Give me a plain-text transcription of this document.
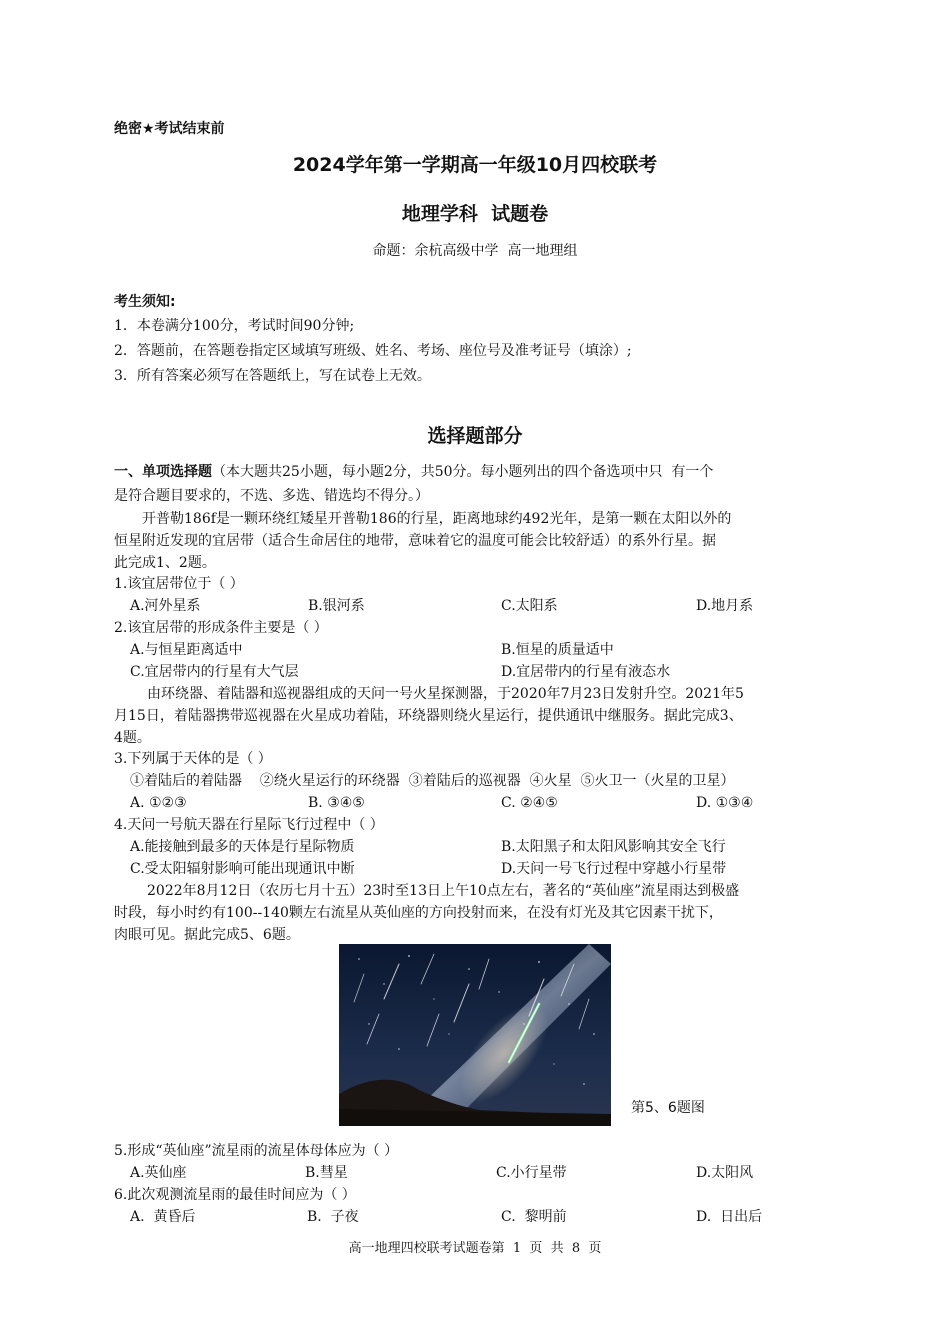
绝密★考试结束前
2024学年第一学期高一年级10月四校联考
地理学科  试题卷
命题：余杭高级中学  高一地理组
考生须知:
1．本卷满分100分，考试时间90分钟;
2．答题前，在答题卷指定区域填写班级、姓名、考场、座位号及准考证号（填涂）;
3．所有答案必须写在答题纸上，写在试卷上无效。
选择题部分
一、单项选择题（本大题共25小题，每小题2分，共50分。每小题列出的四个备选项中只  有一个
是符合题目要求的，不选、多选、错选均不得分。）
开普勒186f是一颗环绕红矮星开普勒186的行星，距离地球约492光年，是第一颗在太阳以外的
恒星附近发现的宜居带（适合生命居住的地带，意味着它的温度可能会比较舒适）的系外行星。据
此完成1、2题。
1.该宜居带位于（ ）
A.河外星系	B.银河系	C.太阳系	D.地月系
2.该宜居带的形成条件主要是（ ）
A.与恒星距离适中	B.恒星的质量适中
C.宜居带内的行星有大气层	D.宜居带内的行星有液态水
由环绕器、着陆器和巡视器组成的天问一号火星探测器，于2020年7月23日发射升空。2021年5
月15日，着陆器携带巡视器在火星成功着陆，环绕器则绕火星运行，提供通讯中继服务。据此完成3、
4题。
3.下列属于天体的是（ ）
①着陆后的着陆器    ②绕火星运行的环绕器  ③着陆后的巡视器  ④火星  ⑤火卫一（火星的卫星）
A. ①②③	B. ③④⑤	C. ②④⑤	D. ①③④
4.天问一号航天器在行星际飞行过程中（ ）
A.能接触到最多的天体是行星际物质	B.太阳黑子和太阳风影响其安全飞行
C.受太阳辐射影响可能出现通讯中断	D.天问一号飞行过程中穿越小行星带
2022年8月12日（农历七月十五）23时至13日上午10点左右，著名的“英仙座”流星雨达到极盛
时段，每小时约有100--140颗左右流星从英仙座的方向投射而来，在没有灯光及其它因素干扰下，
肉眼可见。据此完成5、6题。
第5、6题图
5.形成“英仙座”流星雨的流星体母体应为（ ）
A.英仙座	B.彗星	C.小行星带	D.太阳风
6.此次观测流星雨的最佳时间应为（ ）
A.  黄昏后	B.  子夜	C.  黎明前	D.  日出后
高一地理四校联考试题卷第  1  页  共  8  页
